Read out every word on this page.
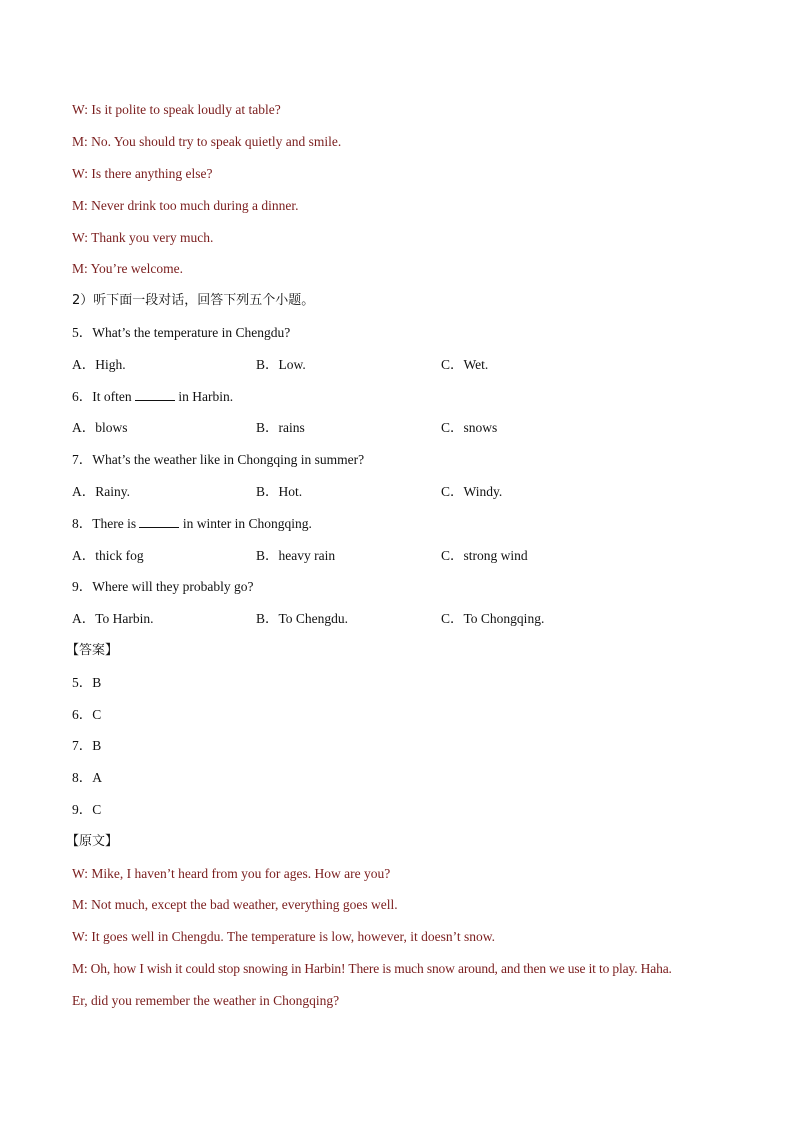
W: Is it polite to speak loudly at table?
M: No. You should try to speak quietly and smile.
W: Is there anything else?
M: Never drink too much during a dinner.
W: Thank you very much.
M: You’re welcome.
2）听下面一段对话，回答下列五个小题。
5．What’s the temperature in Chengdu?
A．High.	B．Low.	C．Wet.
6．It often	in Harbin.
A．blows	B．rains	C．snows
7．What’s the weather like in Chongqing in summer?
A．Rainy.	B．Hot.	C．Windy.
8．There is	in winter in Chongqing.
A．thick fog	B．heavy rain	C．strong wind
9．Where will they probably go?
A．To Harbin.	B．To Chengdu.	C．To Chongqing.
【答案】
5．B
6．C
7．B
8．A
9．C
【原文】
W: Mike, I haven’t heard from you for ages. How are you?
M: Not much, except the bad weather, everything goes well.
W: It goes well in Chengdu. The temperature is low, however, it doesn’t snow.
M: Oh, how I wish it could stop snowing in Harbin! There is much snow around, and then we use it to play. Haha.
Er, did you remember the weather in Chongqing?
